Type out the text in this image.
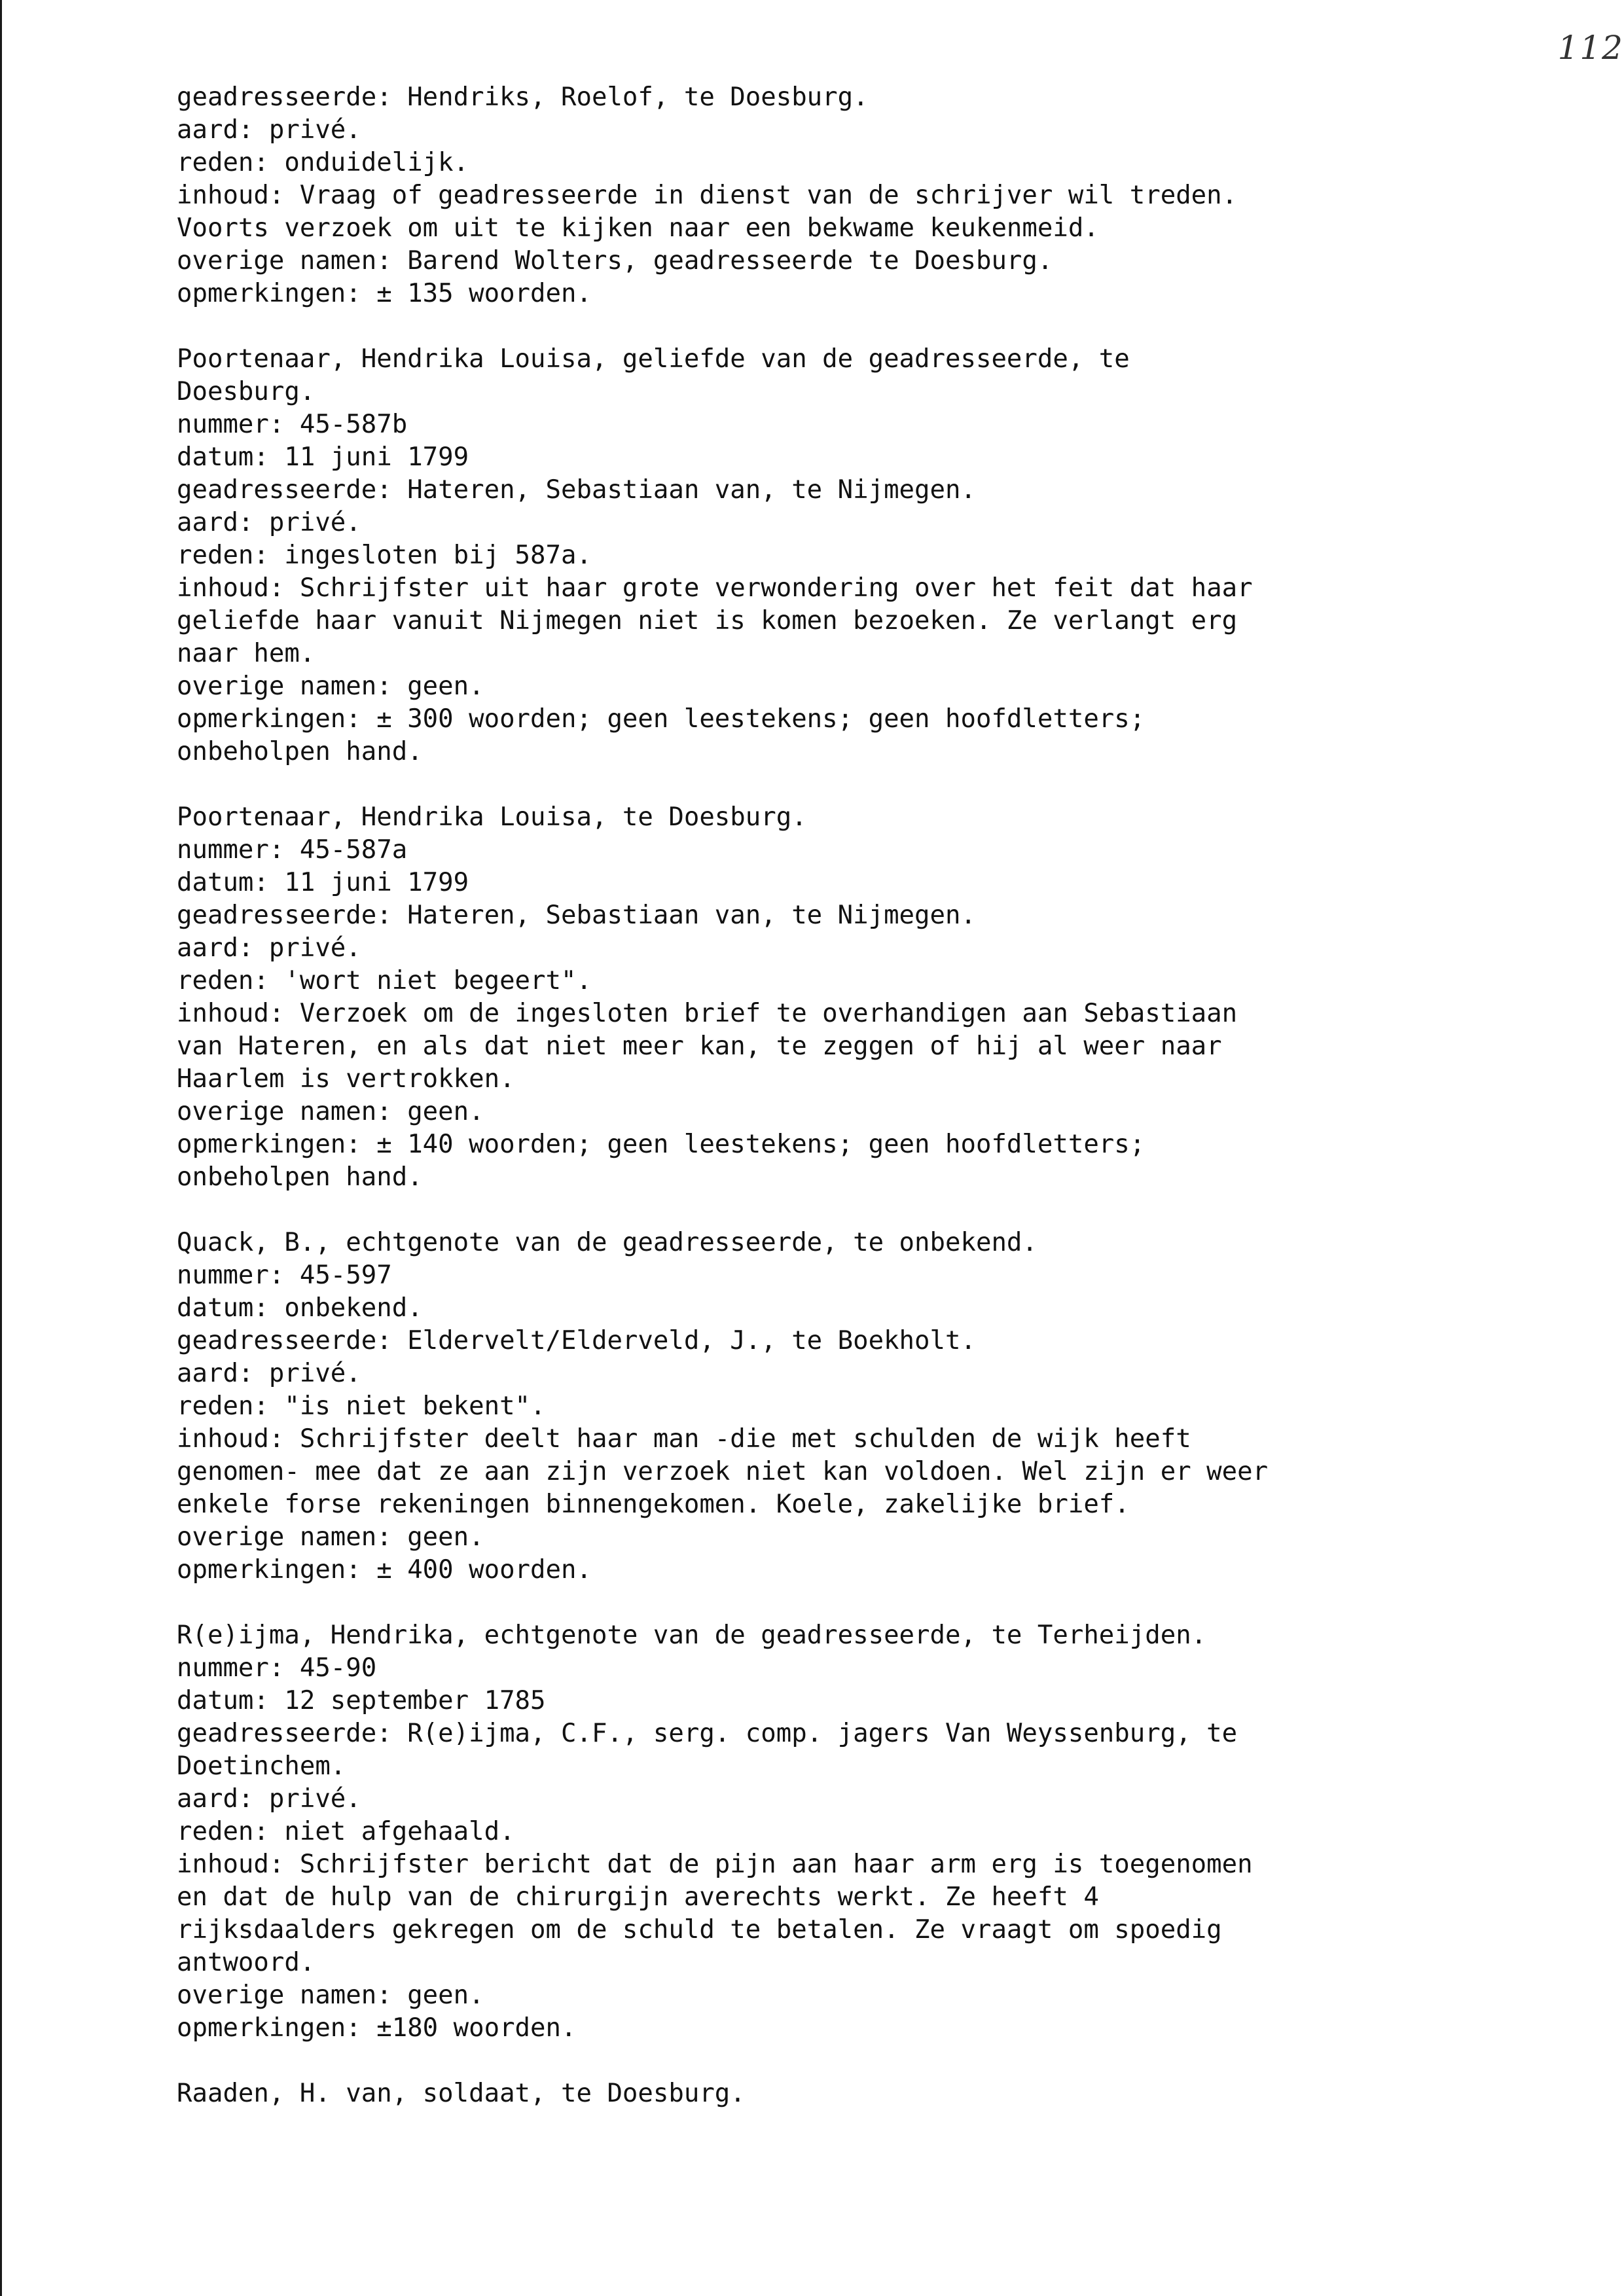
112
geadresseerde: Hendriks, Roelof, te Doesburg.
aard: privé.
reden: onduidelijk.
inhoud: Vraag of geadresseerde in dienst van de schrijver wil treden.
Voorts verzoek om uit te kijken naar een bekwame keukenmeid.
overige namen: Barend Wolters, geadresseerde te Doesburg.
opmerkingen: ± 135 woorden.
Poortenaar, Hendrika Louisa, geliefde van de geadresseerde, te
Doesburg.
nummer: 45-587b
datum: 11 juni 1799
geadresseerde: Hateren, Sebastiaan van, te Nijmegen.
aard: privé.
reden: ingesloten bij 587a.
inhoud: Schrijfster uit haar grote verwondering over het feit dat haar
geliefde haar vanuit Nijmegen niet is komen bezoeken. Ze verlangt erg
naar hem.
overige namen: geen.
opmerkingen: ± 300 woorden; geen leestekens; geen hoofdletters;
onbeholpen hand.
Poortenaar, Hendrika Louisa, te Doesburg.
nummer: 45-587a
datum: 11 juni 1799
geadresseerde: Hateren, Sebastiaan van, te Nijmegen.
aard: privé.
reden: 'wort niet begeert".
inhoud: Verzoek om de ingesloten brief te overhandigen aan Sebastiaan
van Hateren, en als dat niet meer kan, te zeggen of hij al weer naar
Haarlem is vertrokken.
overige namen: geen.
opmerkingen: ± 140 woorden; geen leestekens; geen hoofdletters;
onbeholpen hand.
Quack, B., echtgenote van de geadresseerde, te onbekend.
nummer: 45-597
datum: onbekend.
geadresseerde: Eldervelt/Elderveld, J., te Boekholt.
aard: privé.
reden: "is niet bekent".
inhoud: Schrijfster deelt haar man -die met schulden de wijk heeft
genomen- mee dat ze aan zijn verzoek niet kan voldoen. Wel zijn er weer
enkele forse rekeningen binnengekomen. Koele, zakelijke brief.
overige namen: geen.
opmerkingen: ± 400 woorden.
R(e)ijma, Hendrika, echtgenote van de geadresseerde, te Terheijden.
nummer: 45-90
datum: 12 september 1785
geadresseerde: R(e)ijma, C.F., serg. comp. jagers Van Weyssenburg, te
Doetinchem.
aard: privé.
reden: niet afgehaald.
inhoud: Schrijfster bericht dat de pijn aan haar arm erg is toegenomen
en dat de hulp van de chirurgijn averechts werkt. Ze heeft 4
rijksdaalders gekregen om de schuld te betalen. Ze vraagt om spoedig
antwoord.
overige namen: geen.
opmerkingen: ±180 woorden.
Raaden, H. van, soldaat, te Doesburg.
